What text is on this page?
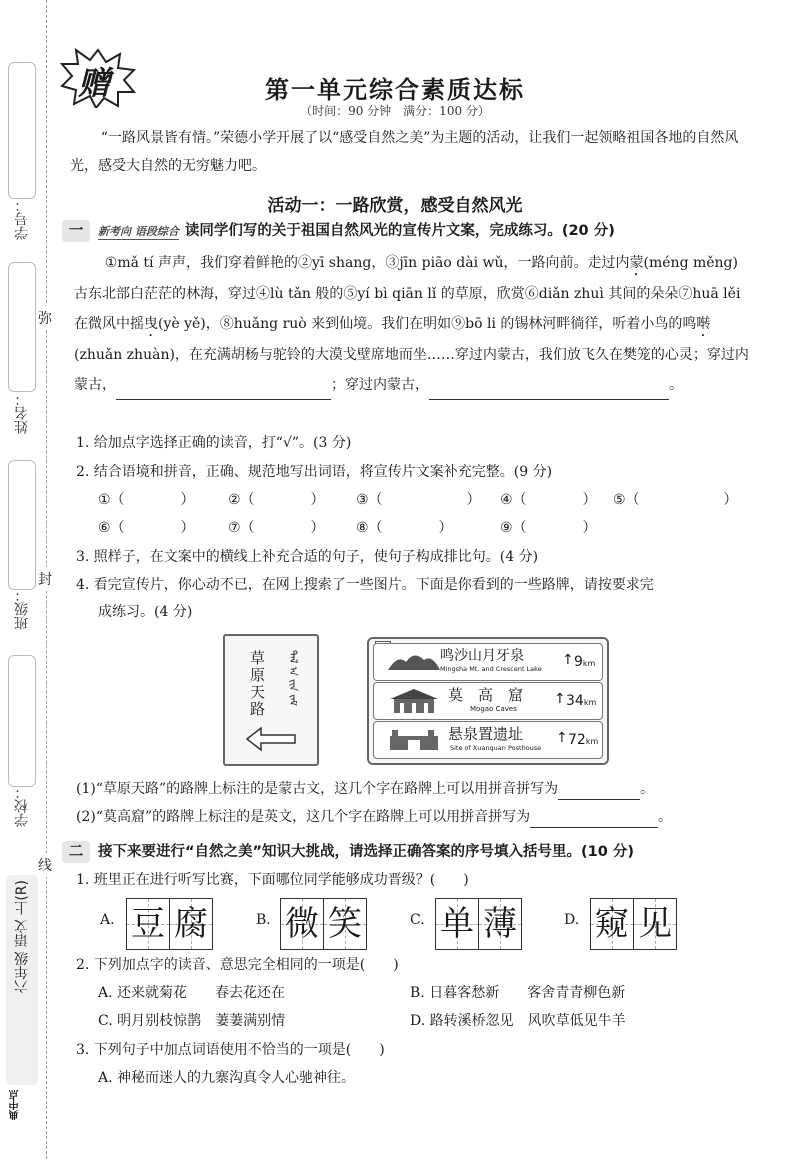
学号：
姓名：
班级：
学校：
弥
封
线
六年级 语文 上(R)
典中点
赠	第一单元综合素质达标
（时间：90 分钟　满分：100 分）
“一路风景皆有情。”荣德小学开展了以“感受自然之美”为主题的活动，让我们一起领略祖国各地的自然风光，感受大自然的无穷魅力吧。
活动一：一路欣赏，感受自然风光
一 新考向 语段综合 读同学们写的关于祖国自然风光的宣传片文案，完成练习。(20 分)
①mǎ tí 声声，我们穿着鲜艳的②yī shang，③jīn piāo dài wǔ，一路向前。走过内蒙(méng měng) 古东北部白茫茫的林海，穿过④lù tǎn 般的⑤yí bì qiān lǐ 的草原，欣赏⑥diǎn zhuì 其间的朵朵⑦huā lěi 在微风中摇曳(yè yě)，⑧huǎng ruò 来到仙境。我们在明如⑨bō li 的锡林河畔徜徉，听着小鸟的鸣啭(zhuǎn zhuàn)，在充满胡杨与驼铃的大漠戈壁席地而坐……穿过内蒙古，我们放飞久在樊笼的心灵；穿过内蒙古，	；穿过内蒙古，	。
1. 给加点字选择正确的读音，打“√”。(3 分)
2. 结合语境和拼音，正确、规范地写出词语，将宣传片文案补充完整。(9 分)
①（　　　　） ②（　　　　） ③（　　　　　　） ④（　　　　） ⑤（　　　　　　）
⑥（　　　　） ⑦（　　　　） ⑧（　　　　）	⑨（　　　　）
3. 照样子，在文案中的横线上补充合适的句子，使句子构成排比句。(4 分)
4. 看完宣传片，你心动不已，在网上搜索了一些图片。下面是你看到的一些路牌，请按要求完
成练习。(4 分)
草原天路	ᠲᠠᠯ ᠠ ᠵᠢᠨ ᠵᠠᠮ	鸣沙山月牙泉
Mingsha Mt. and Crescent Lake
↑ 9km
莫　高　窟
Mogao Caves
↑ 34km
悬泉置遗址
Site of Xuanquan Posthouse
↑ 72km
(1)“草原天路”的路牌上标注的是蒙古文，这几个字在路牌上可以用拼音拼写为	。
(2)“莫高窟”的路牌上标注的是英文，这几个字在路牌上可以用拼音拼写为	。
二 接下来要进行“自然之美”知识大挑战，请选择正确答案的序号填入括号里。(10 分)
1. 班里正在进行听写比赛，下面哪位同学能够成功晋级？(　　)
A. 豆 腐	B. 微 笑	C. 单 薄	D. 窥 见
2. 下列加点字的读音、意思完全相同的一项是(　　)
A. 还来就菊花　　春去花还在	B. 日暮客愁新　　客舍青青柳色新
C. 明月别枝惊鹊　萋萋满别情	D. 路转溪桥忽见　风吹草低见牛羊
3. 下列句子中加点词语使用不恰当的一项是(　　)
A. 神秘而迷人的九寨沟真令人心驰神往。
